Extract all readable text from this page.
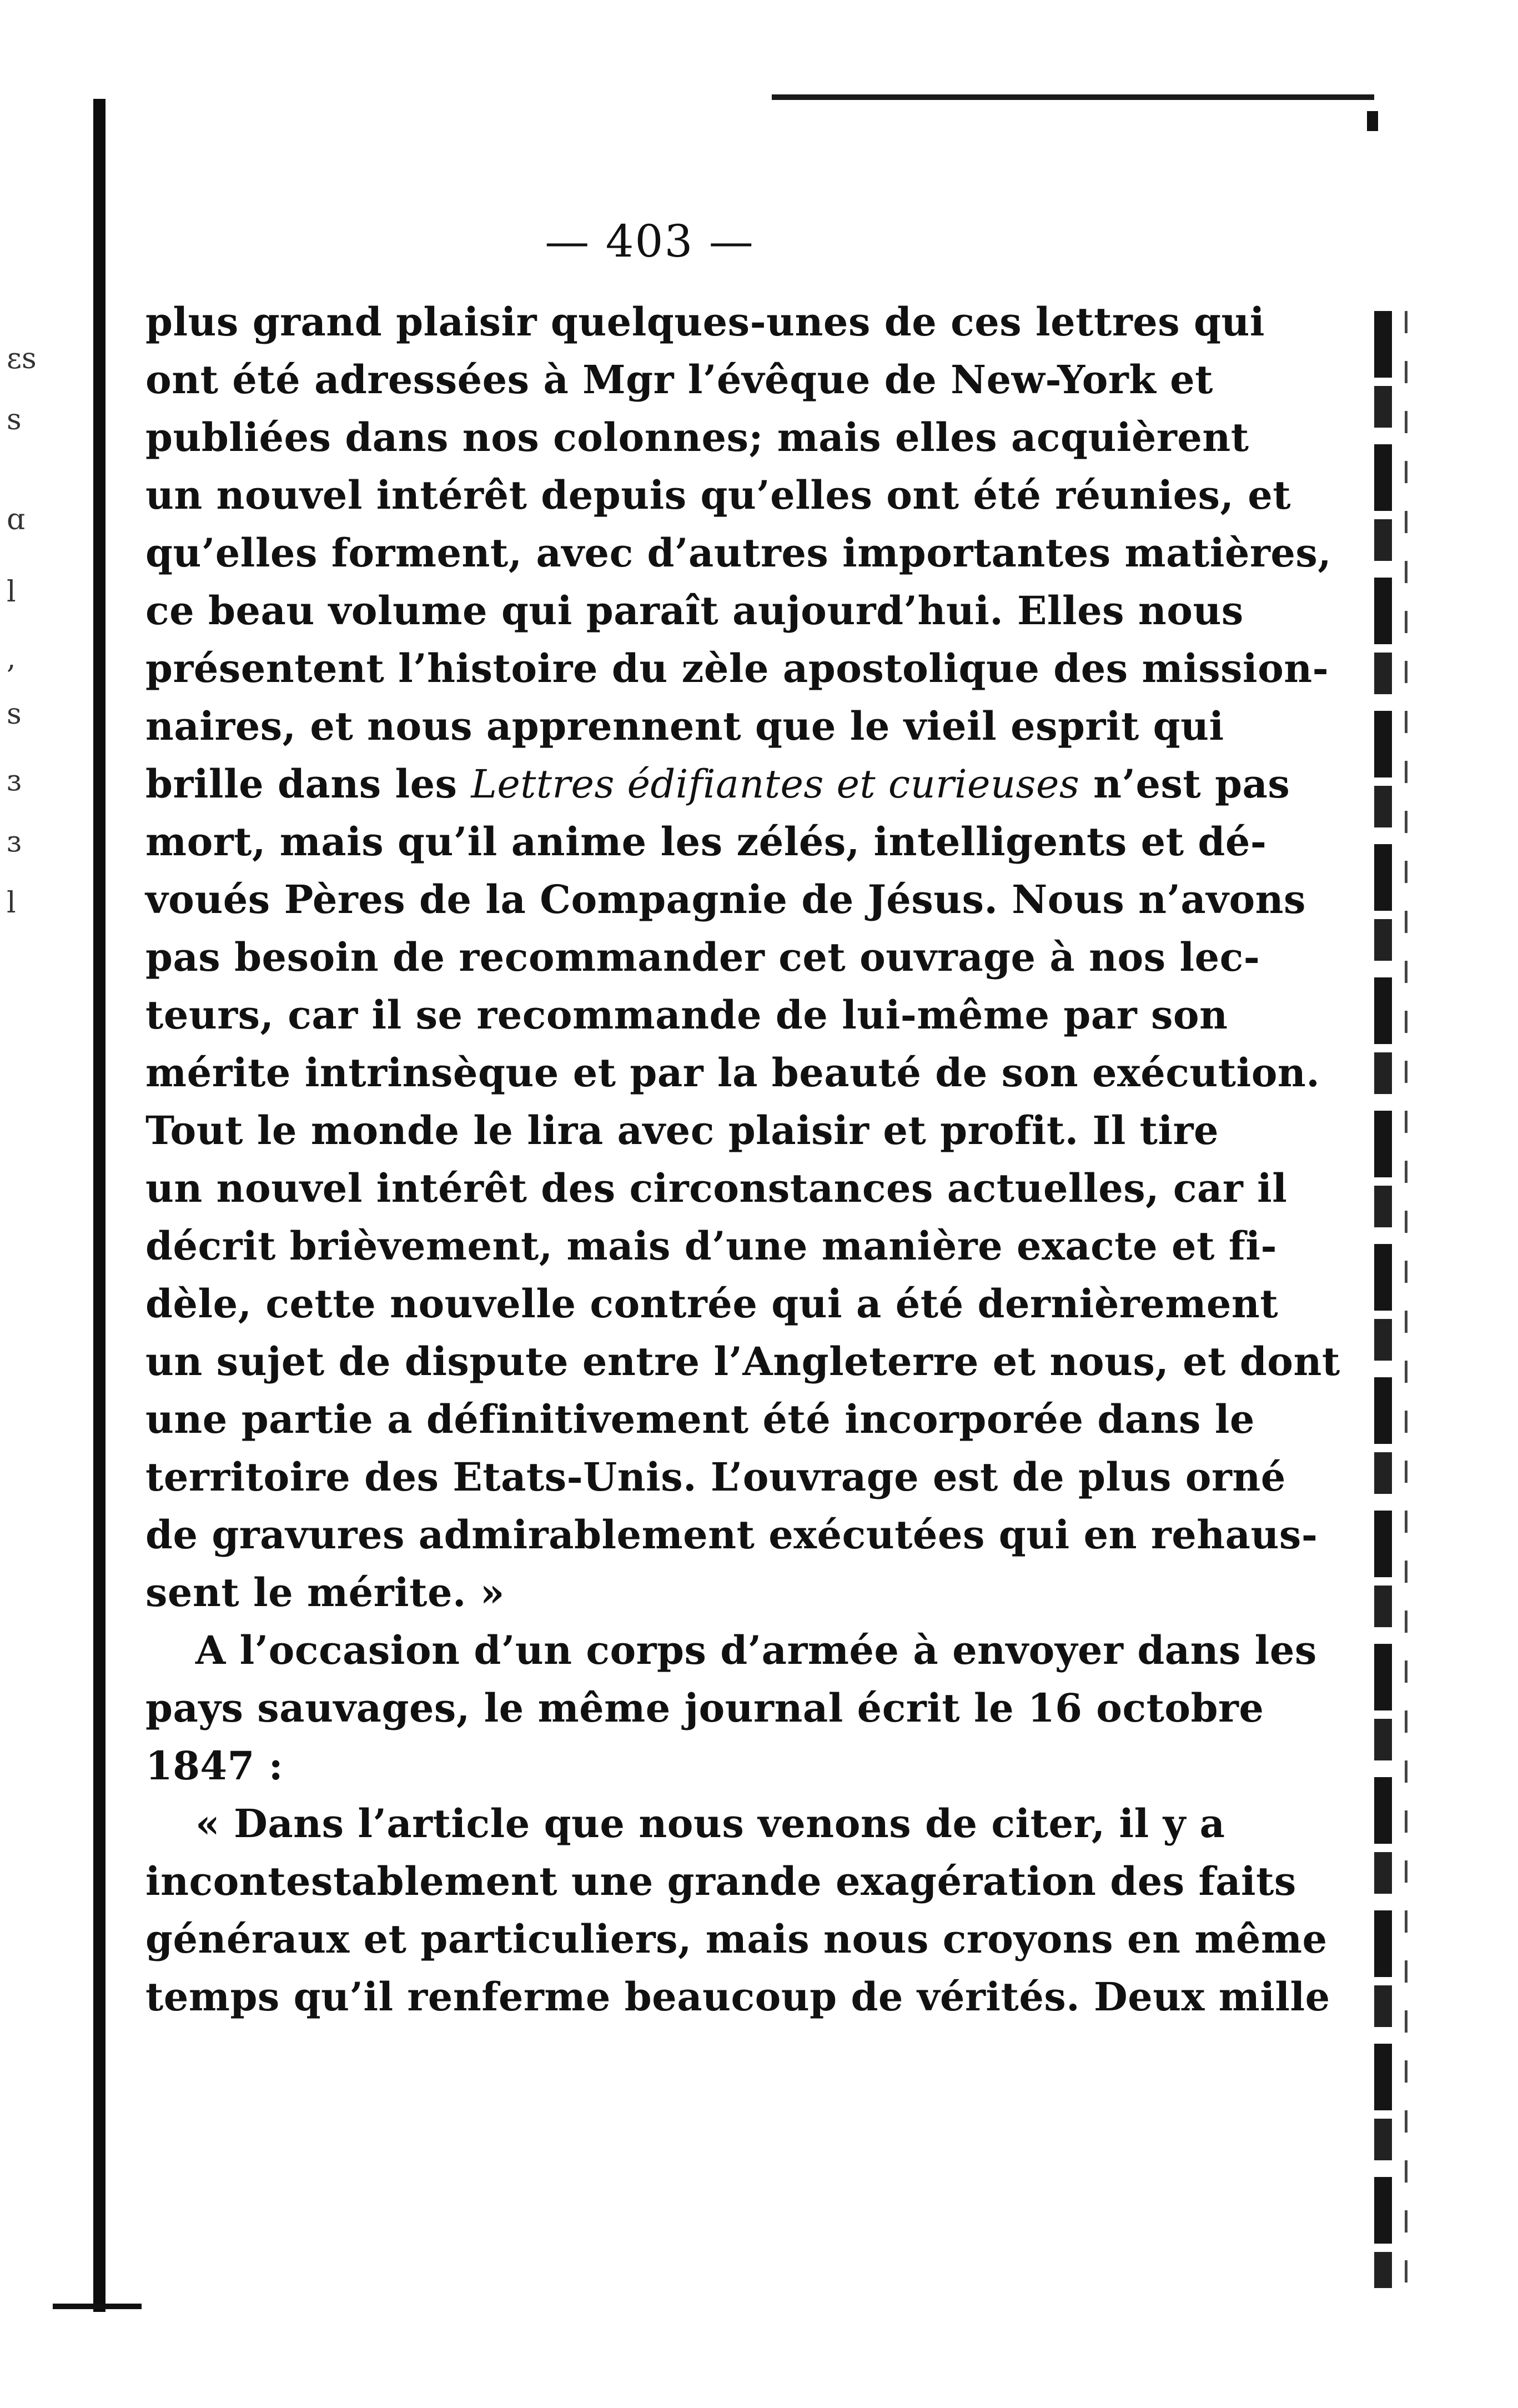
ɛs
s
ɑ
l
,
s
ɜ
ɜ
l
— 403 —
plus grand plaisir quelques-unes de ces lettres qui
ont été adressées à Mgr l’évêque de New-York et
publiées dans nos colonnes; mais elles acquièrent
un nouvel intérêt depuis qu’elles ont été réunies, et
qu’elles forment, avec d’autres importantes matières,
ce beau volume qui paraît aujourd’hui. Elles nous
présentent l’histoire du zèle apostolique des mission-
naires, et nous apprennent que le vieil esprit qui
brille dans les Lettres édifiantes et curieuses n’est pas
mort, mais qu’il anime les zélés, intelligents et dé-
voués Pères de la Compagnie de Jésus. Nous n’avons
pas besoin de recommander cet ouvrage à nos lec-
teurs, car il se recommande de lui-même par son
mérite intrinsèque et par la beauté de son exécution.
Tout le monde le lira avec plaisir et profit. Il tire
un nouvel intérêt des circonstances actuelles, car il
décrit brièvement, mais d’une manière exacte et fi-
dèle, cette nouvelle contrée qui a été dernièrement
un sujet de dispute entre l’Angleterre et nous, et dont
une partie a définitivement été incorporée dans le
territoire des Etats-Unis. L’ouvrage est de plus orné
de gravures admirablement exécutées qui en rehaus-
sent le mérite. »
A l’occasion d’un corps d’armée à envoyer dans les
pays sauvages, le même journal écrit le 16 octobre
1847 :
« Dans l’article que nous venons de citer, il y a
incontestablement une grande exagération des faits
généraux et particuliers, mais nous croyons en même
temps qu’il renferme beaucoup de vérités. Deux mille
